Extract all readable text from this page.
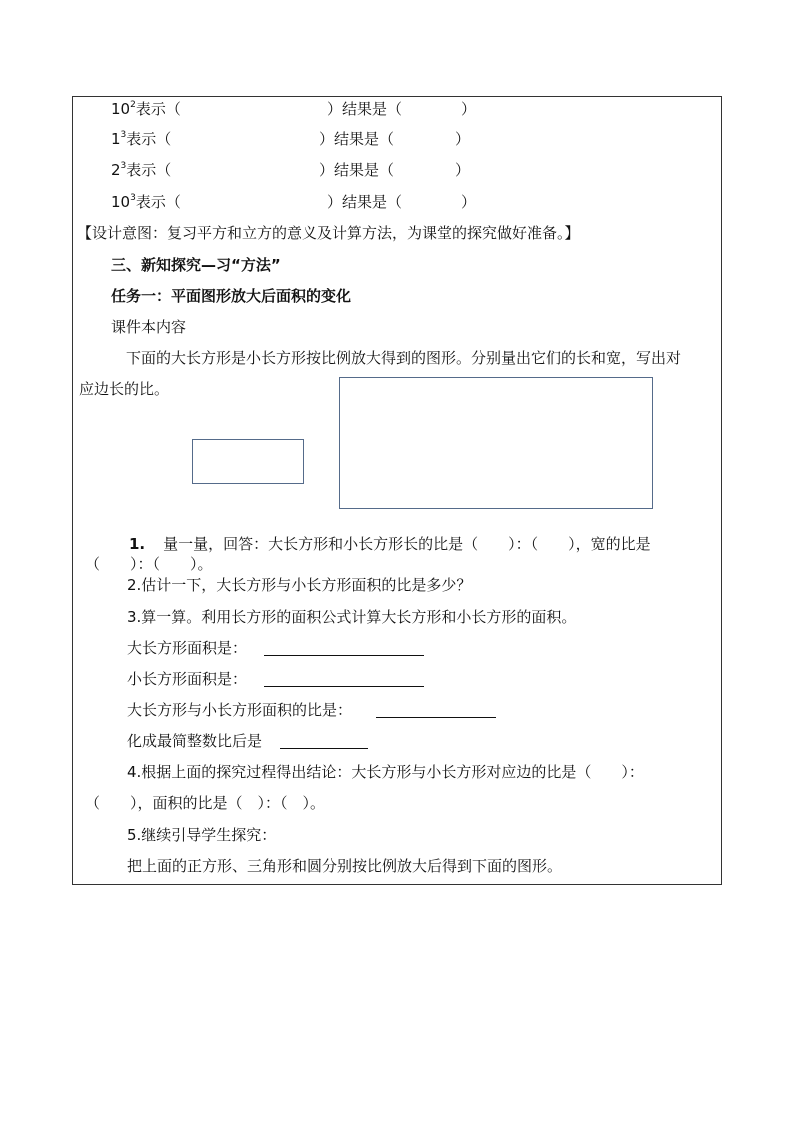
$10^2$表示（	）结果是（	）
$1^3$表示（	）结果是（	）
$2^3$表示（	）结果是（	）
$10^3$表示（	）结果是（	）
【设计意图：复习平方和立方的意义及计算方法，为课堂的探究做好准备。】
三、新知探究—习“方法”
任务一：平面图形放大后面积的变化
课件本内容
下面的大长方形是小长方形按比例放大得到的图形。分别量出它们的长和宽，写出对
应边长的比。
1. 量一量，回答：大长方形和小长方形长的比是（　　）：（　　），宽的比是
（　　）：（　　）。
2.估计一下，大长方形与小长方形面积的比是多少？
3.算一算。利用长方形的面积公式计算大长方形和小长方形的面积。
大长方形面积是：
小长方形面积是：
大长方形与小长方形面积的比是：
化成最简整数比后是
4.根据上面的探究过程得出结论：大长方形与小长方形对应边的比是（　　）：
（　　），面积的比是（　）：（　）。
5.继续引导学生探究：
把上面的正方形、三角形和圆分别按比例放大后得到下面的图形。
